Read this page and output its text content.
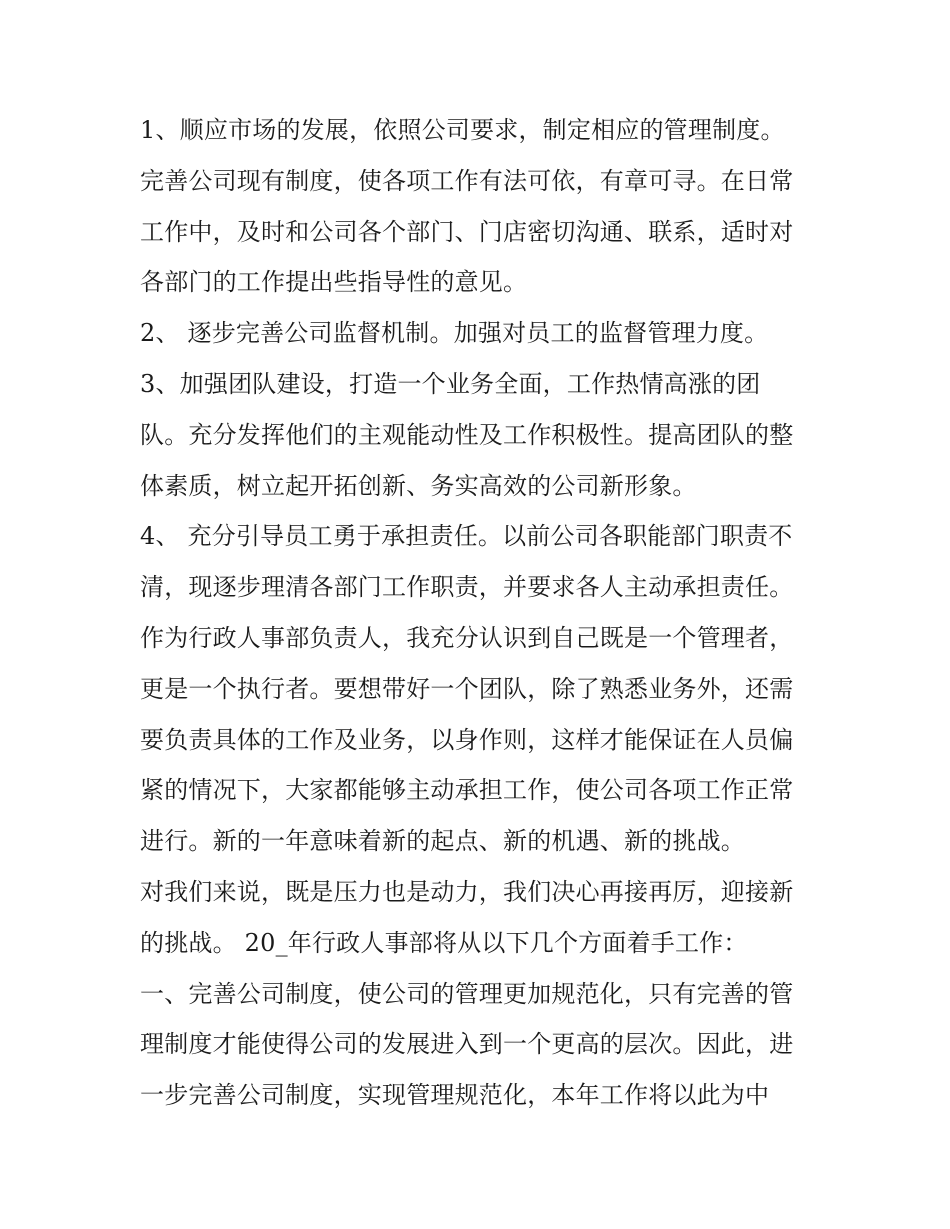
1、顺应市场的发展，依照公司要求，制定相应的管理制度。

完善公司现有制度，使各项工作有法可依，有章可寻。在日常

工作中，及时和公司各个部门、门店密切沟通、联系，适时对

各部门的工作提出些指导性的意见。

2、 逐步完善公司监督机制。加强对员工的监督管理力度。

3、加强团队建设，打造一个业务全面，工作热情高涨的团

队。充分发挥他们的主观能动性及工作积极性。提高团队的整

体素质，树立起开拓创新、务实高效的公司新形象。

4、 充分引导员工勇于承担责任。以前公司各职能部门职责不

清，现逐步理清各部门工作职责，并要求各人主动承担责任。

作为行政人事部负责人，我充分认识到自己既是一个管理者，

更是一个执行者。要想带好一个团队，除了熟悉业务外，还需

要负责具体的工作及业务，以身作则，这样才能保证在人员偏

紧的情况下，大家都能够主动承担工作，使公司各项工作正常

进行。新的一年意味着新的起点、新的机遇、新的挑战。

对我们来说，既是压力也是动力，我们决心再接再厉，迎接新

的挑战。 20_年行政人事部将从以下几个方面着手工作：

一、完善公司制度，使公司的管理更加规范化，只有完善的管

理制度才能使得公司的发展进入到一个更高的层次。因此，进

一步完善公司制度，实现管理规范化，本年工作将以此为中
